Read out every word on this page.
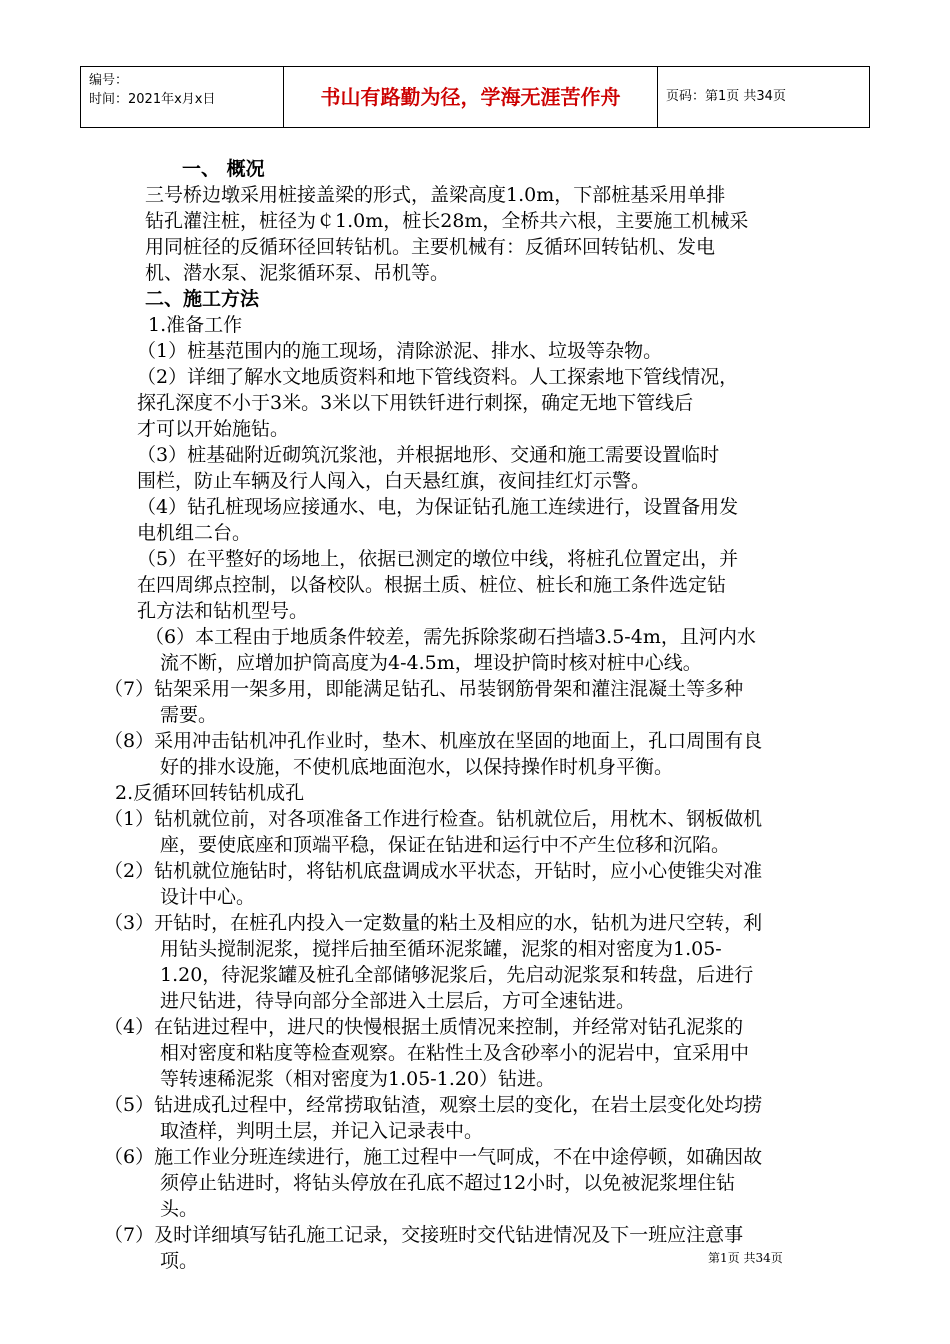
编号：
时间：2021年x月x日	书山有路勤为径，学海无涯苦作舟	页码：第1页 共34页
一、 概况
三号桥边墩采用桩接盖梁的形式，盖梁高度1.0m，下部桩基采用单排
钻孔灌注桩，桩径为￠1.0m，桩长28m，全桥共六根，主要施工机械采
用同桩径的反循环径回转钻机。主要机械有：反循环回转钻机、发电
机、潜水泵、泥浆循环泵、吊机等。
二、施工方法
1.准备工作
（1）桩基范围内的施工现场，清除淤泥、排水、垃圾等杂物。
（2）详细了解水文地质资料和地下管线资料。人工探索地下管线情况，
探孔深度不小于3米。3米以下用铁钎进行刺探，确定无地下管线后
才可以开始施钻。
（3）桩基础附近砌筑沉浆池，并根据地形、交通和施工需要设置临时
围栏，防止车辆及行人闯入，白天悬红旗，夜间挂红灯示警。
（4）钻孔桩现场应接通水、电，为保证钻孔施工连续进行，设置备用发
电机组二台。
（5）在平整好的场地上，依据已测定的墩位中线，将桩孔位置定出，并
在四周绑点控制，以备校队。根据土质、桩位、桩长和施工条件选定钻
孔方法和钻机型号。
（6）本工程由于地质条件较差，需先拆除浆砌石挡墙3.5-4m，且河内水
流不断，应增加护筒高度为4-4.5m，埋设护筒时核对桩中心线。
（7）钻架采用一架多用，即能满足钻孔、吊装钢筋骨架和灌注混凝土等多种
需要。
（8）采用冲击钻机冲孔作业时，垫木、机座放在坚固的地面上，孔口周围有良
好的排水设施，不使机底地面泡水，以保持操作时机身平衡。
2.反循环回转钻机成孔
（1）钻机就位前，对各项准备工作进行检查。钻机就位后，用枕木、钢板做机
座，要使底座和顶端平稳，保证在钻进和运行中不产生位移和沉陷。
（2）钻机就位施钻时，将钻机底盘调成水平状态，开钻时，应小心使锥尖对准
设计中心。
（3）开钻时，在桩孔内投入一定数量的粘土及相应的水，钻机为进尺空转，利
用钻头搅制泥浆，搅拌后抽至循环泥浆罐，泥浆的相对密度为1.05-
1.20，待泥浆罐及桩孔全部储够泥浆后，先启动泥浆泵和转盘，后进行
进尺钻进，待导向部分全部进入土层后，方可全速钻进。
（4）在钻进过程中，进尺的快慢根据土质情况来控制，并经常对钻孔泥浆的
相对密度和粘度等检查观察。在粘性土及含砂率小的泥岩中，宜采用中
等转速稀泥浆（相对密度为1.05-1.20）钻进。
（5）钻进成孔过程中，经常捞取钻渣，观察土层的变化，在岩土层变化处均捞
取渣样，判明土层，并记入记录表中。
（6）施工作业分班连续进行，施工过程中一气呵成，不在中途停顿，如确因故
须停止钻进时，将钻头停放在孔底不超过12小时，以免被泥浆埋住钻
头。
（7）及时详细填写钻孔施工记录，交接班时交代钻进情况及下一班应注意事
项。	第1页 共34页
